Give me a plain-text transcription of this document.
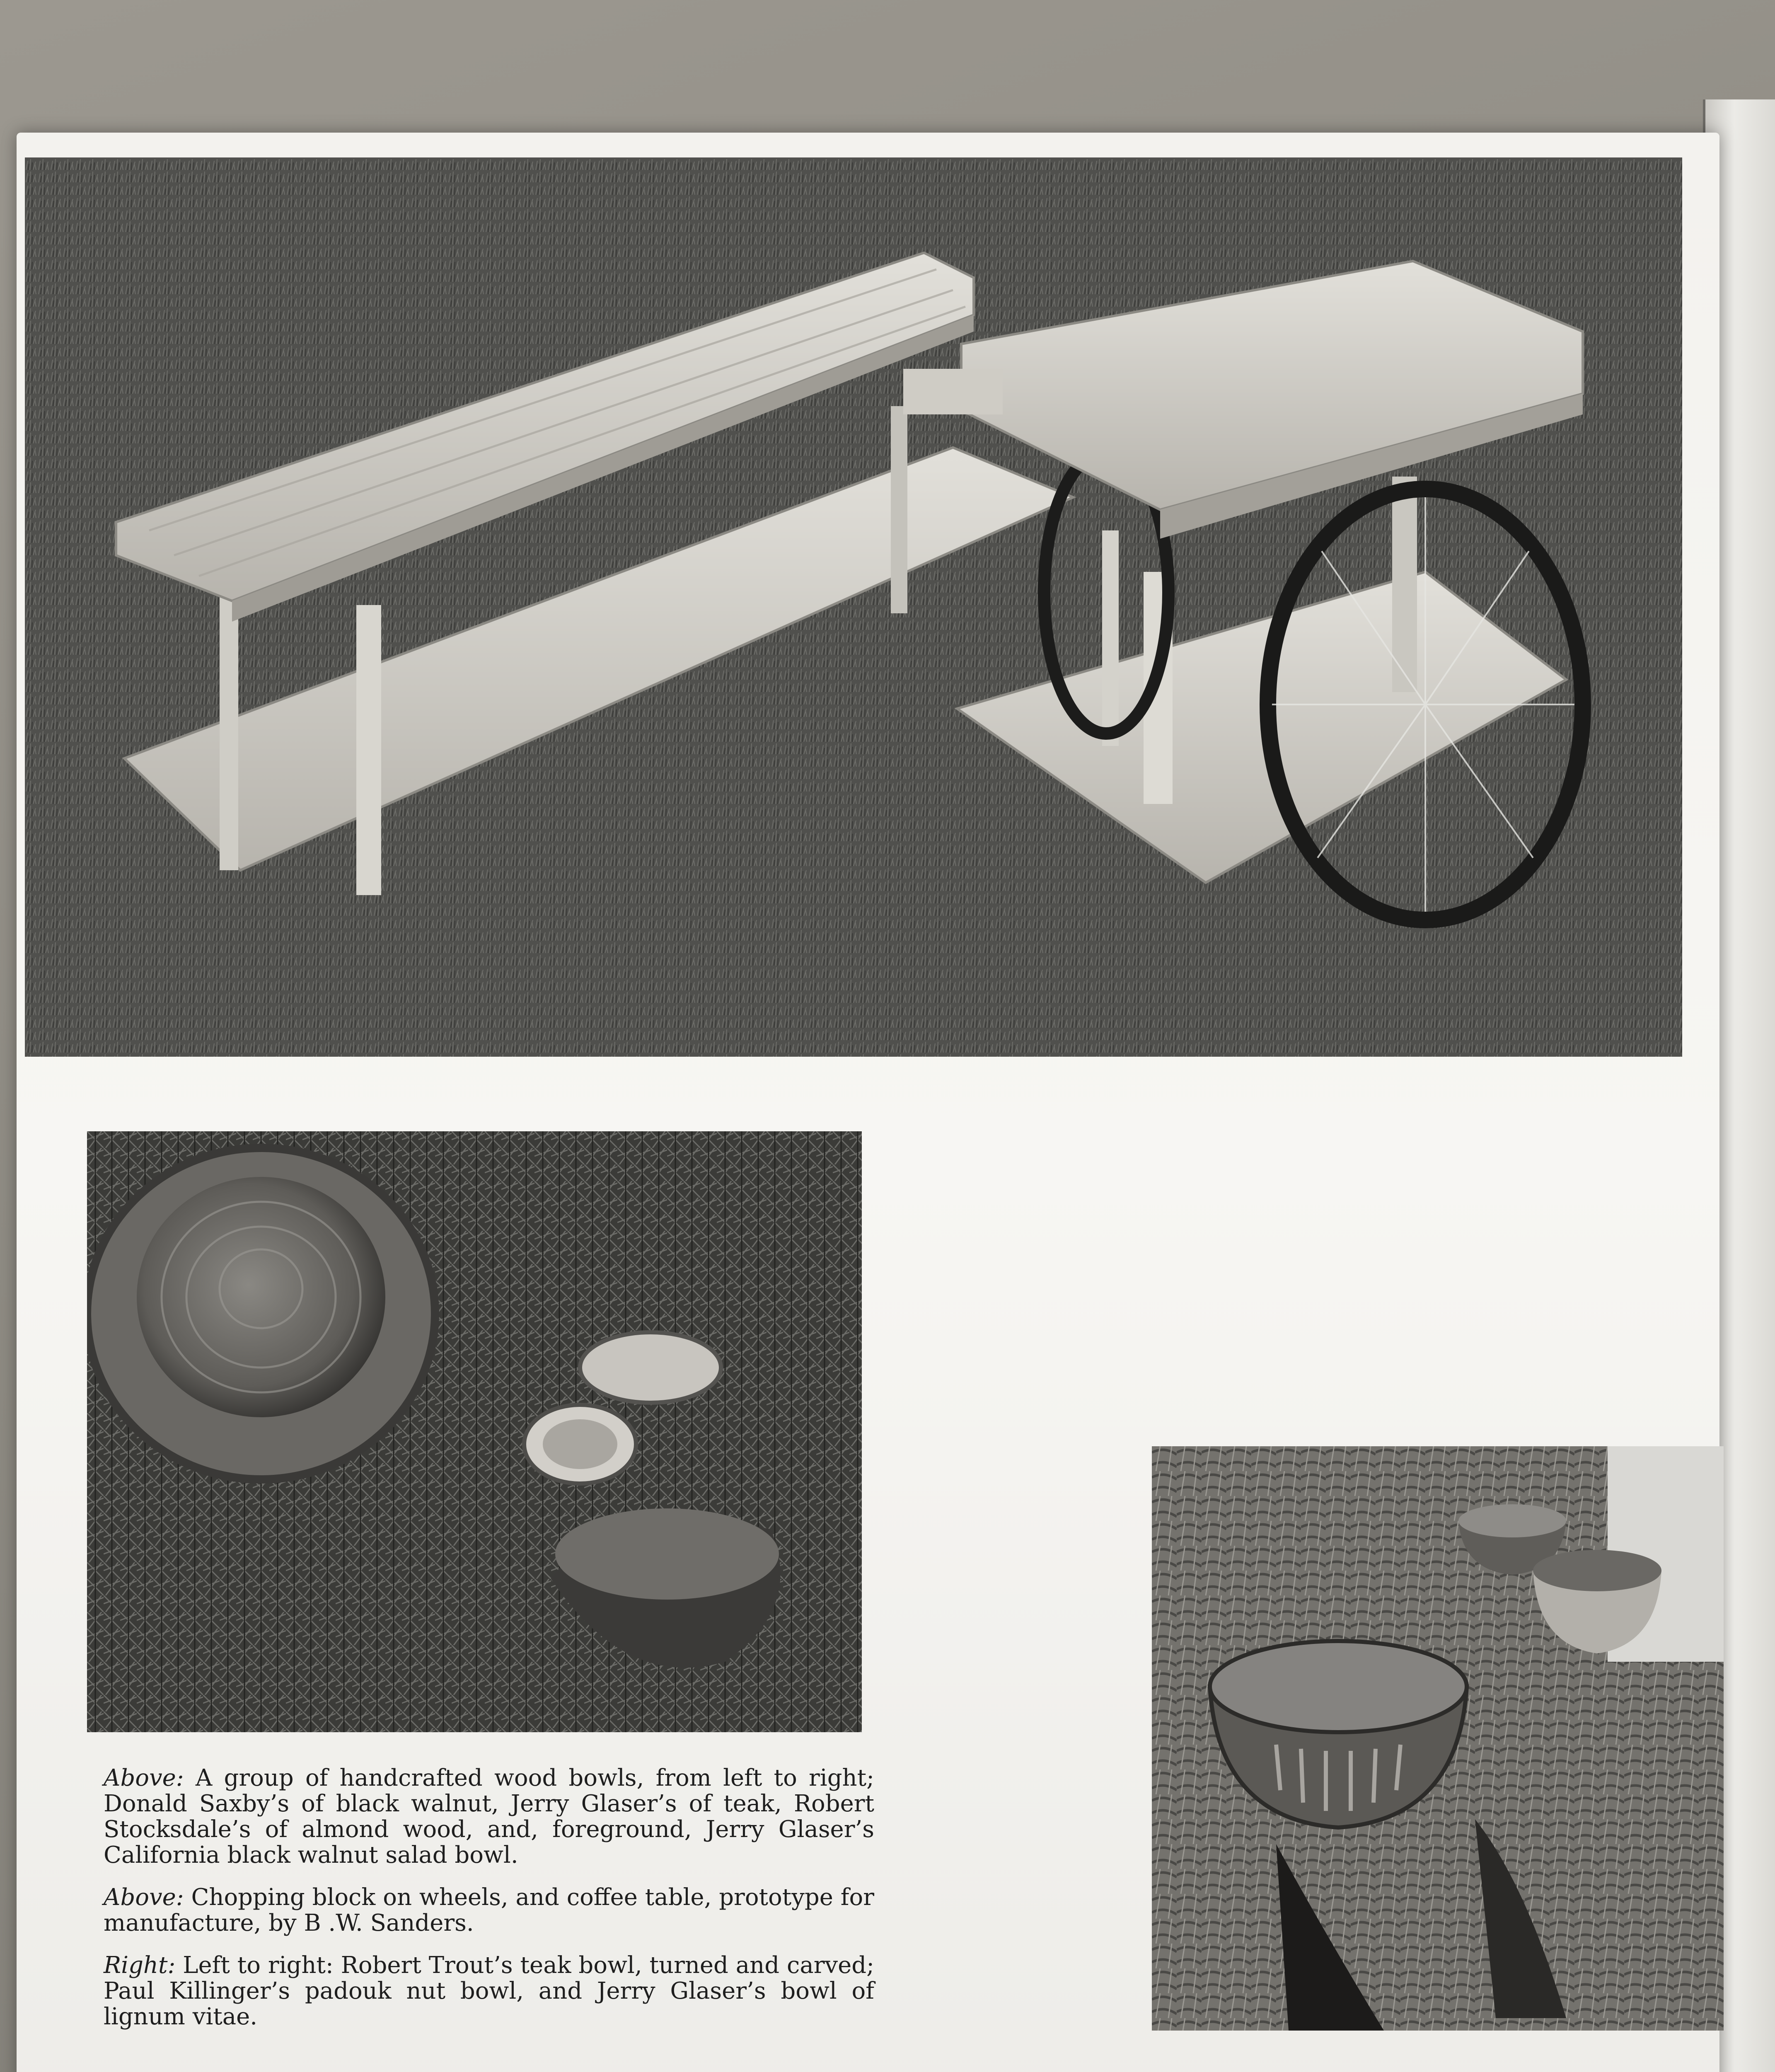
Above: A group of handcrafted wood bowls, from left to right; Donald Saxby’s of black walnut, Jerry Glaser’s of teak, Robert Stocksdale’s of almond wood, and, foreground, Jerry Glaser’s California black walnut salad bowl.

Above: Chopping block on wheels, and coffee table, prototype for manufacture, by B .W. Sanders.

Right: Left to right: Robert Trout’s teak bowl, turned and carved; Paul Killinger’s padouk nut bowl, and Jerry Glaser’s bowl of lignum vitae.
